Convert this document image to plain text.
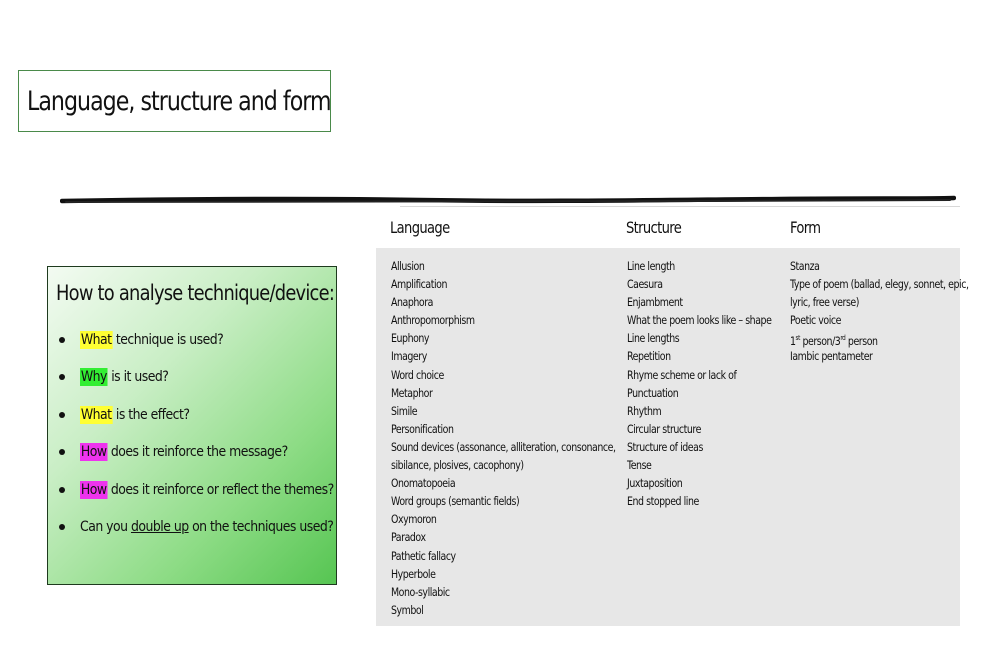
Language, structure and form
How to analyse technique/device:
What technique is used?
Why is it used?
What is the effect?
How does it reinforce the message?
How does it reinforce or reflect the themes?
Can you double up on the techniques used?
Language	Structure	Form
Allusion
Amplification
Anaphora
Anthropomorphism
Euphony
Imagery
Word choice
Metaphor
Simile
Personification
Sound devices (assonance, alliteration, consonance,
sibilance, plosives, cacophony)
Onomatopoeia
Word groups (semantic fields)
Oxymoron
Paradox
Pathetic fallacy
Hyperbole
Mono-syllabic
Symbol
Line length
Caesura
Enjambment
What the poem looks like – shape
Line lengths
Repetition
Rhyme scheme or lack of
Punctuation
Rhythm
Circular structure
Structure of ideas
Tense
Juxtaposition
End stopped line
Stanza
Type of poem (ballad, elegy, sonnet, epic,
lyric, free verse)
Poetic voice
1st person/3rd person
Iambic pentameter
